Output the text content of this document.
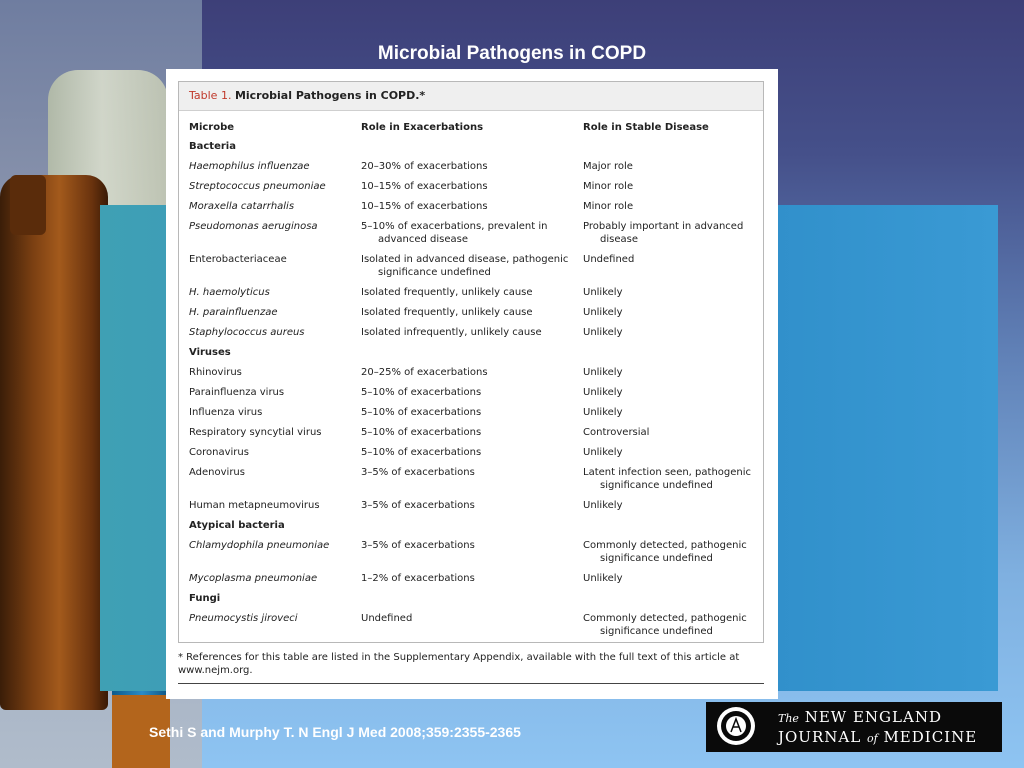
Microbial Pathogens in COPD
Table 1. Microbial Pathogens in COPD.*
Microbe	Role in Exacerbations	Role in Stable Disease
Bacteria		

Haemophilus influenzae	20–30% of exacerbations	Major role

Streptococcus pneumoniae	10–15% of exacerbations	Minor role

Moraxella catarrhalis	10–15% of exacerbations	Minor role

Pseudomonas aeruginosa	5–10% of exacerbations, prevalent in advanced disease	Probably important in advanced disease

Enterobacteriaceae	Isolated in advanced disease, pathogenic significance undefined	Undefined

H. haemolyticus	Isolated frequently, unlikely cause	Unlikely

H. parainfluenzae	Isolated frequently, unlikely cause	Unlikely

Staphylococcus aureus	Isolated infrequently, unlikely cause	Unlikely

Viruses		

Rhinovirus	20–25% of exacerbations	Unlikely

Parainfluenza virus	5–10% of exacerbations	Unlikely

Influenza virus	5–10% of exacerbations	Unlikely

Respiratory syncytial virus	5–10% of exacerbations	Controversial

Coronavirus	5–10% of exacerbations	Unlikely

Adenovirus	3–5% of exacerbations	Latent infection seen, pathogenic significance undefined

Human metapneumovirus	3–5% of exacerbations	Unlikely

Atypical bacteria		

Chlamydophila pneumoniae	3–5% of exacerbations	Commonly detected, pathogenic significance undefined

Mycoplasma pneumoniae	1–2% of exacerbations	Unlikely

Fungi		

Pneumocystis jiroveci	Undefined	Commonly detected, pathogenic significance undefined
* References for this table are listed in the Supplementary Appendix, available with the full text of this article at www.nejm.org.
Sethi S and Murphy T. N Engl J Med 2008;359:2355-2365
The NEW ENGLAND
JOURNAL of MEDICINE
